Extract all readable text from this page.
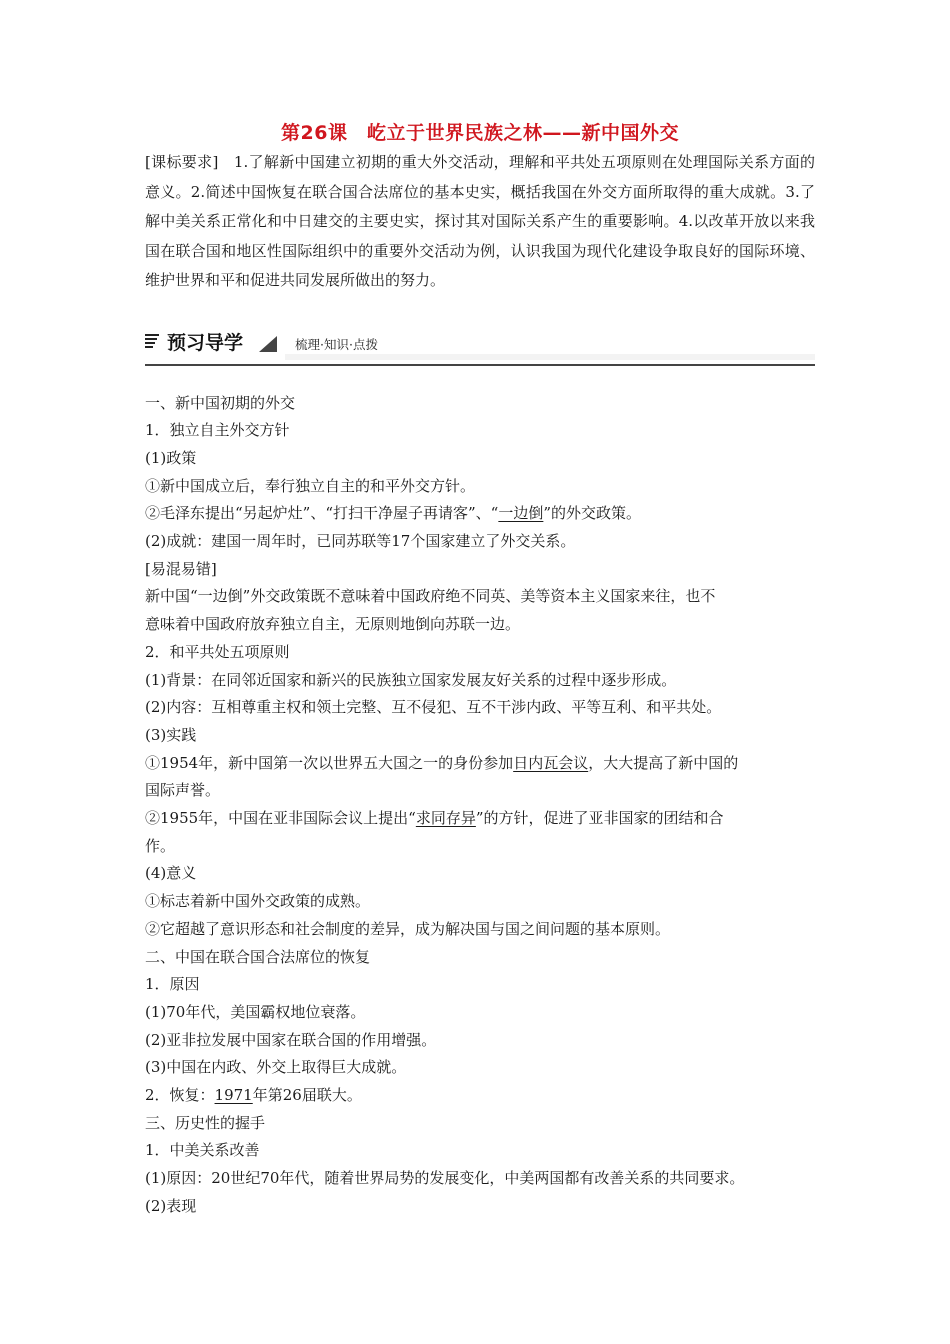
第26课　屹立于世界民族之林——新中国外交

[课标要求]　1.了解新中国建立初期的重大外交活动，理解和平共处五项原则在处理国际关系方面的意义。2.简述中国恢复在联合国合法席位的基本史实，概括我国在外交方面所取得的重大成就。3.了解中美关系正常化和中日建交的主要史实，探讨其对国际关系产生的重要影响。4.以改革开放以来我国在联合国和地区性国际组织中的重要外交活动为例，认识我国为现代化建设争取良好的国际环境、维护世界和平和促进共同发展所做出的努力。

预习导学	梳理·知识·点拨

一、新中国初期的外交

1．独立自主外交方针

(1)政策

①新中国成立后，奉行独立自主的和平外交方针。

②毛泽东提出“另起炉灶”、“打扫干净屋子再请客”、“一边倒”的外交政策。

(2)成就：建国一周年时，已同苏联等17个国家建立了外交关系。

[易混易错]

新中国“一边倒”外交政策既不意味着中国政府绝不同英、美等资本主义国家来往，也不

意味着中国政府放弃独立自主，无原则地倒向苏联一边。

2．和平共处五项原则

(1)背景：在同邻近国家和新兴的民族独立国家发展友好关系的过程中逐步形成。

(2)内容：互相尊重主权和领土完整、互不侵犯、互不干涉内政、平等互利、和平共处。

(3)实践

①1954年，新中国第一次以世界五大国之一的身份参加日内瓦会议，大大提高了新中国的

国际声誉。

②1955年，中国在亚非国际会议上提出“求同存异”的方针，促进了亚非国家的团结和合

作。

(4)意义

①标志着新中国外交政策的成熟。

②它超越了意识形态和社会制度的差异，成为解决国与国之间问题的基本原则。

二、中国在联合国合法席位的恢复

1．原因

(1)70年代，美国霸权地位衰落。

(2)亚非拉发展中国家在联合国的作用增强。

(3)中国在内政、外交上取得巨大成就。

2．恢复：1971年第26届联大。

三、历史性的握手

1．中美关系改善

(1)原因：20世纪70年代，随着世界局势的发展变化，中美两国都有改善关系的共同要求。

(2)表现
